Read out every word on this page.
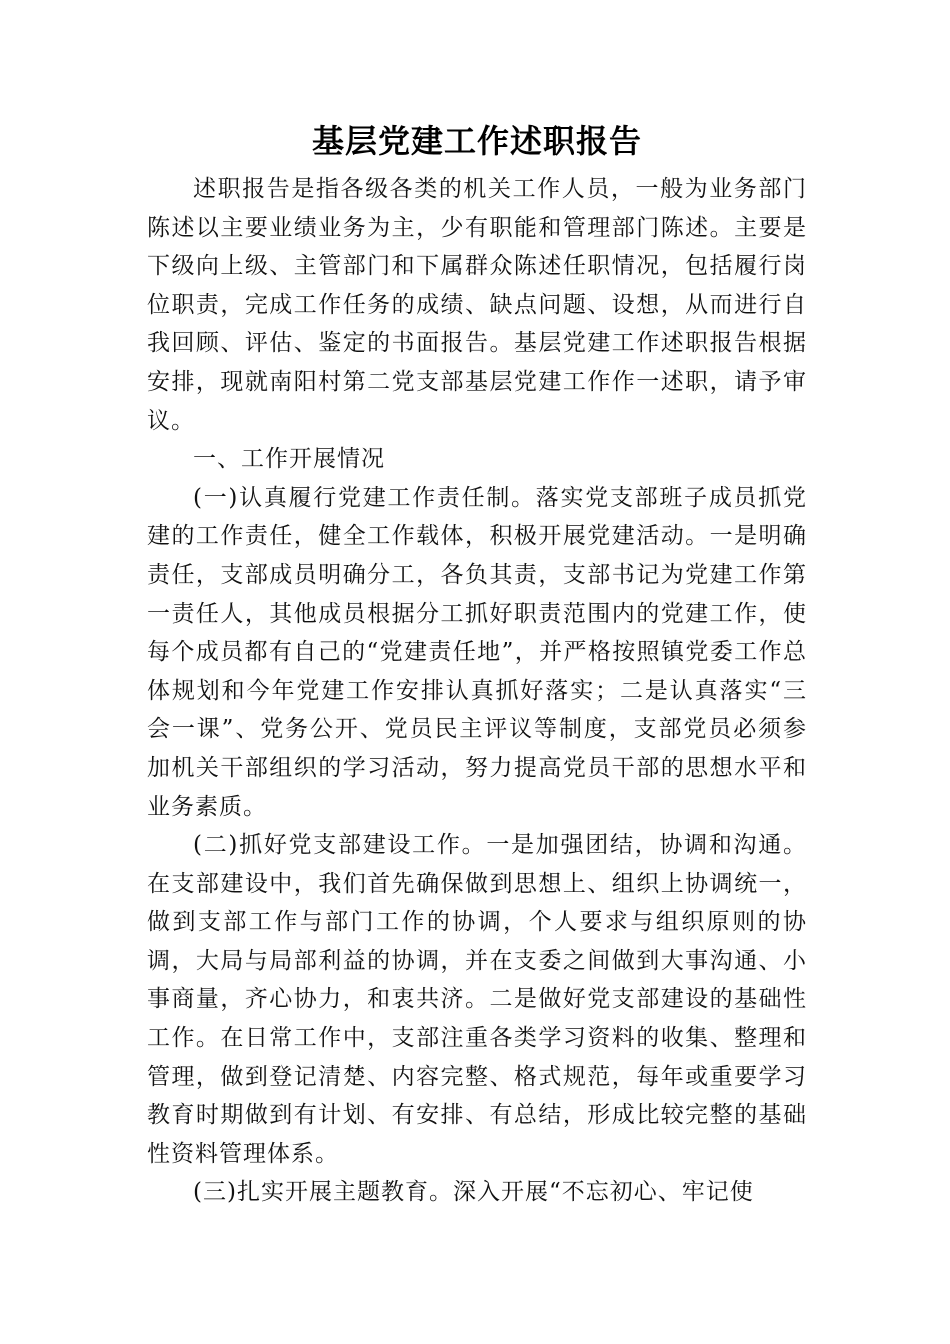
基层党建工作述职报告

述职报告是指各级各类的机关工作人员，一般为业务部门陈述以主要业绩业务为主，少有职能和管理部门陈述。主要是下级向上级、主管部门和下属群众陈述任职情况，包括履行岗位职责，完成工作任务的成绩、缺点问题、设想，从而进行自我回顾、评估、鉴定的书面报告。基层党建工作述职报告根据安排，现就南阳村第二党支部基层党建工作作一述职，请予审议。

一、工作开展情况

(一)认真履行党建工作责任制。落实党支部班子成员抓党建的工作责任，健全工作载体，积极开展党建活动。一是明确责任，支部成员明确分工，各负其责，支部书记为党建工作第一责任人，其他成员根据分工抓好职责范围内的党建工作，使每个成员都有自己的“党建责任地”，并严格按照镇党委工作总体规划和今年党建工作安排认真抓好落实；二是认真落实“三会一课”、党务公开、党员民主评议等制度，支部党员必须参加机关干部组织的学习活动，努力提高党员干部的思想水平和业务素质。

(二)抓好党支部建设工作。一是加强团结，协调和沟通。在支部建设中，我们首先确保做到思想上、组织上协调统一，做到支部工作与部门工作的协调，个人要求与组织原则的协调，大局与局部利益的协调，并在支委之间做到大事沟通、小事商量，齐心协力，和衷共济。二是做好党支部建设的基础性工作。在日常工作中，支部注重各类学习资料的收集、整理和管理，做到登记清楚、内容完整、格式规范，每年或重要学习教育时期做到有计划、有安排、有总结，形成比较完整的基础性资料管理体系。

(三)扎实开展主题教育。深入开展“不忘初心、牢记使
